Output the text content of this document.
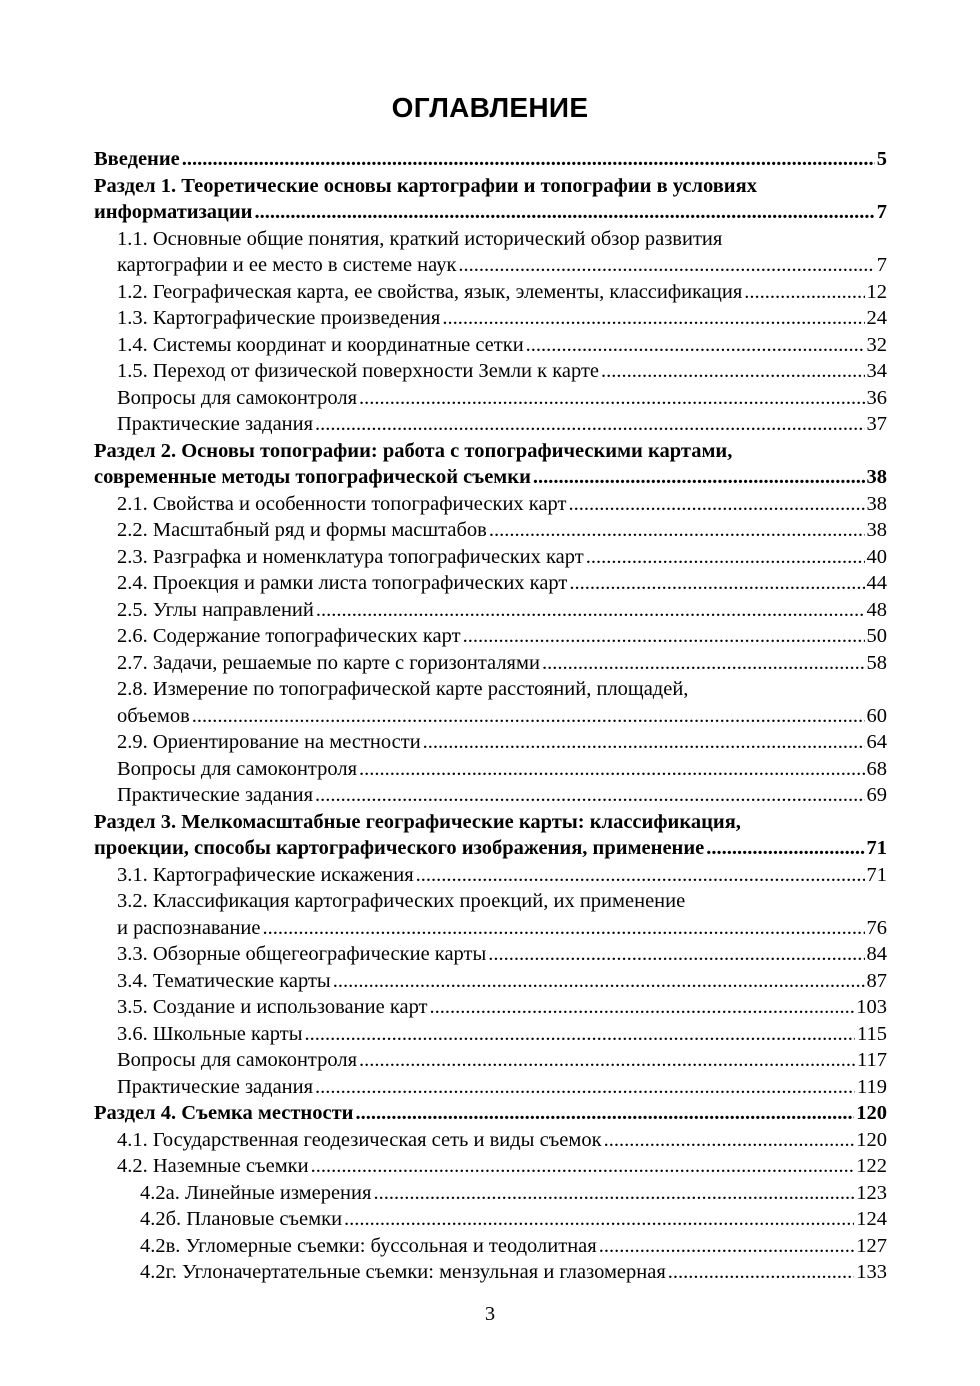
ОГЛАВЛЕНИЕ
Введение .....	5
Раздел 1. Теоретические основы картографии и топографии в условиях
информатизации .....	7
1.1. Основные общие понятия, краткий исторический обзор развития
картографии и ее место в системе наук .....	7
1.2. Географическая карта, ее свойства, язык, элементы, классификация .....	12
1.3. Картографические произведения .....	24
1.4. Системы координат и координатные сетки .....	32
1.5. Переход от физической поверхности Земли к карте .....	34
Вопросы для самоконтроля .....	36
Практические задания .....	37
Раздел 2. Основы топографии: работа с топографическими картами,
современные методы топографической съемки .....	38
2.1. Свойства и особенности топографических карт .....	38
2.2. Масштабный ряд и формы масштабов .....	38
2.3. Разграфка и номенклатура топографических карт .....	40
2.4. Проекция и рамки листа топографических карт .....	44
2.5. Углы направлений .....	48
2.6. Содержание топографических карт .....	50
2.7. Задачи, решаемые по карте с горизонталями .....	58
2.8. Измерение по топографической карте расстояний, площадей,
объемов .....	60
2.9. Ориентирование на местности .....	64
Вопросы для самоконтроля .....	68
Практические задания .....	69
Раздел 3. Мелкомасштабные географические карты: классификация,
проекции, способы картографического изображения, применение .....	71
3.1. Картографические искажения .....	71
3.2. Классификация картографических проекций, их применение
и распознавание .....	76
3.3. Обзорные общегеографические карты .....	84
3.4. Тематические карты .....	87
3.5. Создание и использование карт .....	103
3.6. Школьные карты .....	115
Вопросы для самоконтроля .....	117
Практические задания .....	119
Раздел 4. Съемка местности .....	120
4.1. Государственная геодезическая сеть и виды съемок .....	120
4.2. Наземные съемки .....	122
4.2а. Линейные измерения .....	123
4.2б. Плановые съемки .....	124
4.2в. Угломерные съемки: буссольная и теодолитная .....	127
4.2г. Углоначертательные съемки: мензульная и глазомерная .....	133
3
